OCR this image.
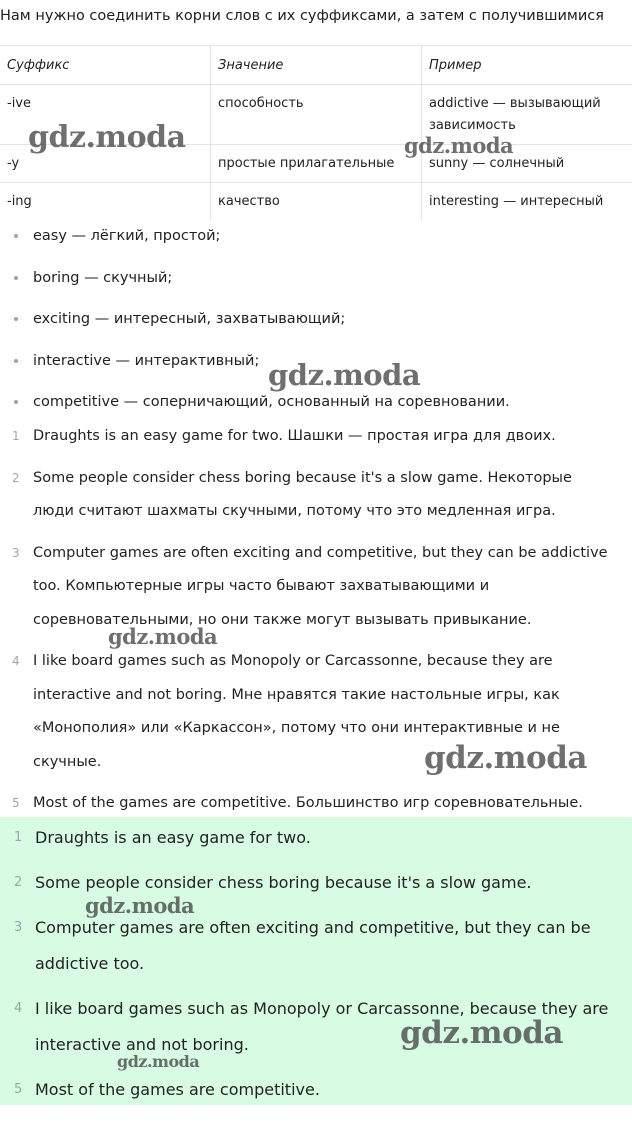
Нам нужно соединить корни слов с их суффиксами, а затем с получившимися
Суффикс	Значение	Пример
-ive	способность	addictive — вызывающий зависимость
-y	простые прилагательные	sunny — солнечный
-ing	качество	interesting — интересный
easy — лёгкий, простой;
boring — скучный;
exciting — интересный, захватывающий;
interactive — интерактивный;
competitive — соперничающий, основанный на соревновании.
1 Draughts is an easy game for two. Шашки — простая игра для двоих.
2 Some people consider chess boring because it's a slow game. Некоторые люди считают шахматы скучными, потому что это медленная игра.
3 Computer games are often exciting and competitive, but they can be addictive too. Компьютерные игры часто бывают захватывающими и соревновательными, но они также могут вызывать привыкание.
4 I like board games such as Monopoly or Carcassonne, because they are interactive and not boring. Мне нравятся такие настольные игры, как «Монополия» или «Каркассон», потому что они интерактивные и не скучные.
5 Most of the games are competitive. Большинство игр соревновательные.
1 Draughts is an easy game for two.
2 Some people consider chess boring because it's a slow game.
3 Computer games are often exciting and competitive, but they can be addictive too.
4 I like board games such as Monopoly or Carcassonne, because they are interactive and not boring.
5 Most of the games are competitive.
gdz.moda	gdz.moda
gdz.moda
gdz.moda
gdz.moda
gdz.moda
gdz.moda
gdz.moda
